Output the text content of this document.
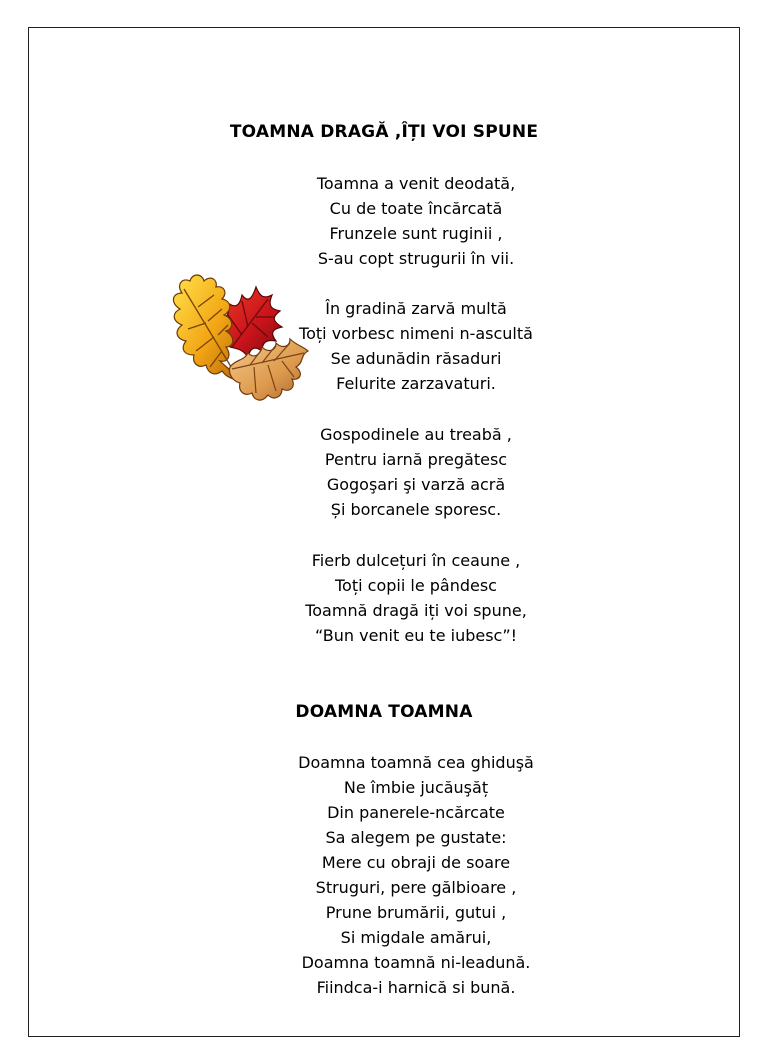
TOAMNA DRAGĂ ,ÎȚI VOI SPUNE
Toamna a venit deodată,
Cu de toate încărcată
Frunzele sunt ruginii ,
S-au copt strugurii în vii.
În gradină zarvă multă
Toți vorbesc nimeni n-ascultă
Se adunădin răsaduri
Felurite zarzavaturi.
Gospodinele au treabă ,
Pentru iarnă pregătesc
Gogoşari şi varză acră
Și borcanele sporesc.
Fierb dulcețuri în ceaune ,
Toți copii le pândesc
Toamnă dragă iți voi spune,
“Bun venit eu te iubesc”!
DOAMNA TOAMNA
Doamna toamnă cea ghiduşă
Ne îmbie jucăuşăț
Din panerele-ncărcate
Sa alegem pe gustate:
Mere cu obraji de soare
Struguri, pere gălbioare ,
Prune brumării, gutui ,
Si migdale amărui,
Doamna toamnă ni-leadună.
Fiindca-i harnică si bună.
